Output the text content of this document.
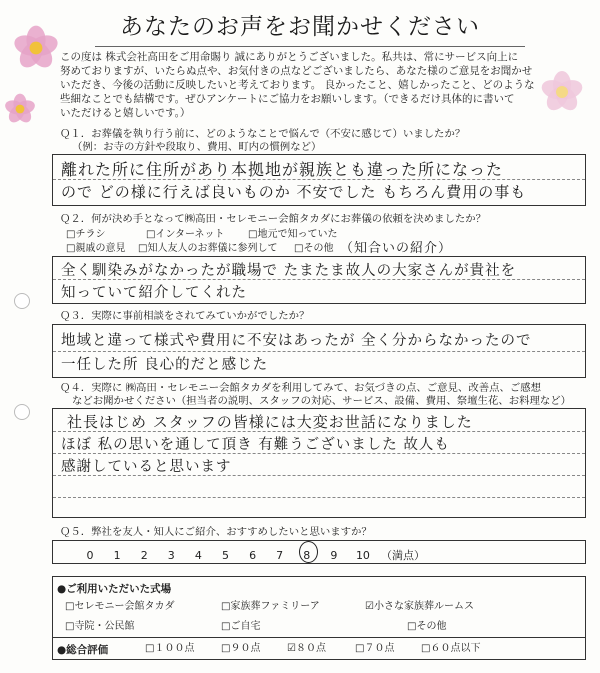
あなたのお声をお聞かせください
この度は 株式会社高田をご用命賜り 誠にありがとうございました。私共は、常にサービス向上に
努めておりますが、いたらぬ点や、お気付きの点などございましたら、あなた様のご意見をお聞かせ
いただき、今後の活動に反映したいと考えております。 良かったこと、嬉しかったこと、どのような
些細なことでも結構です。ぜひアンケートにご協力をお願いします。（できるだけ具体的に書いて
いただけると嬉しいです。）
Ｑ１．お葬儀を執り行う前に、どのようなことで悩んで（不安に感じて）いましたか？
（例：お寺の方針や段取り、費用、町内の慣例など）
離れた所に住所があり本拠地が親族とも違った所になった
ので どの様に行えば良いものか 不安でした もちろん費用の事も
Ｑ２．何が決め手となって㈱高田・セレモニー会館タカダにお葬儀の依頼を決めましたか？
□チラシ	□インターネット □地元で知っていた
□親戚の意見 □知人友人のお葬儀に参列して □その他 （知合いの紹介）
全く馴染みがなかったが職場で たまたま故人の大家さんが貴社を
知っていて紹介してくれた
Ｑ３．実際に事前相談をされてみていかがでしたか？
地域と違って様式や費用に不安はあったが 全く分からなかったので
一任した所 良心的だと感じた
Ｑ４．実際に ㈱高田・セレモニー会館タカダを利用してみて、お気づきの点、ご意見、改善点、ご感想
などお聞かせください（担当者の説明、スタッフの対応、サービス、設備、費用、祭壇生花、お料理など）
社長はじめ スタッフの皆様には大変お世話になりました
ほぼ 私の思いを通して頂き 有難うございました 故人も
感謝していると思います
Ｑ５．弊社を友人・知人にご紹介、おすすめしたいと思いますか？
0 1 2 3 4 5 6 7 8 9 10 （満点）
●ご利用いただいた式場
□セレモニー会館タカダ	□家族葬ファミリーア	☑小さな家族葬ルームス
□寺院・公民館	□ご自宅	□その他
●総合評価	□１００点	□９０点	☑８０点	□７０点	□６０点以下
